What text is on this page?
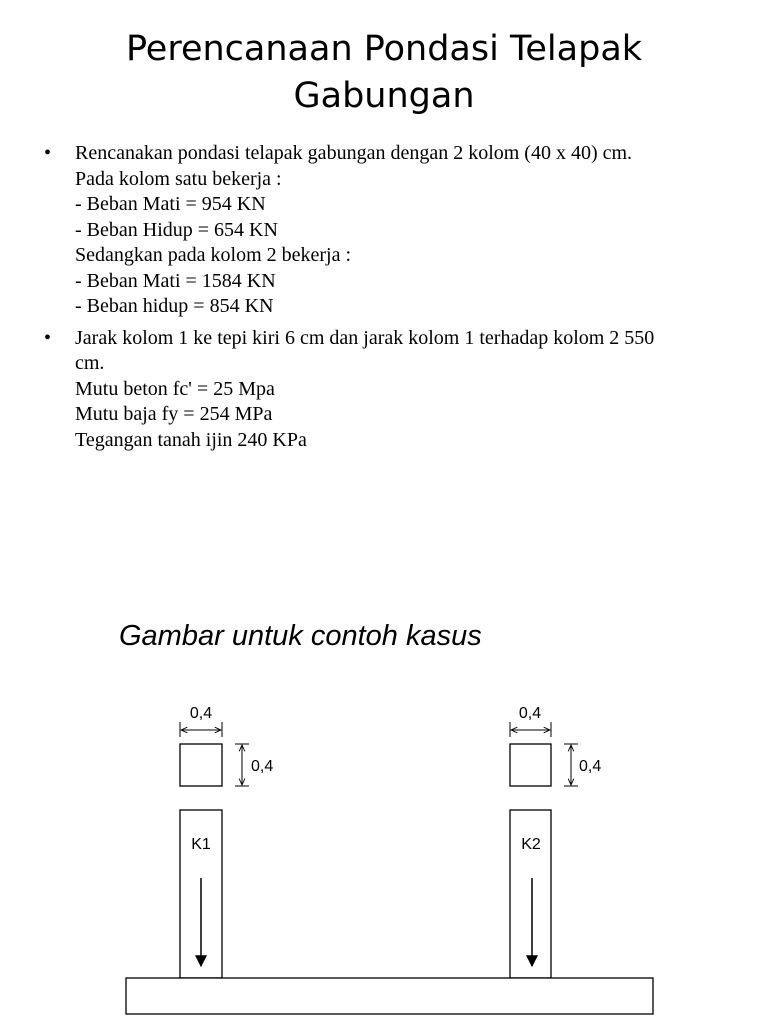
Perencanaan Pondasi Telapak
Gabungan
• Rencanakan pondasi telapak gabungan dengan 2 kolom (40 x 40) cm.
Pada kolom satu bekerja :
- Beban Mati = 954 KN
- Beban Hidup = 654 KN
Sedangkan pada kolom 2 bekerja :
- Beban Mati = 1584 KN
- Beban hidup = 854 KN
• Jarak kolom 1 ke tepi kiri 6 cm dan jarak kolom 1 terhadap kolom 2 550
cm.
Mutu beton fc' = 25 Mpa
Mutu baja fy = 254 MPa
Tegangan tanah ijin 240 KPa
Gambar untuk contoh kasus
0,4
0,4
0,4
0,4
K1	K2
